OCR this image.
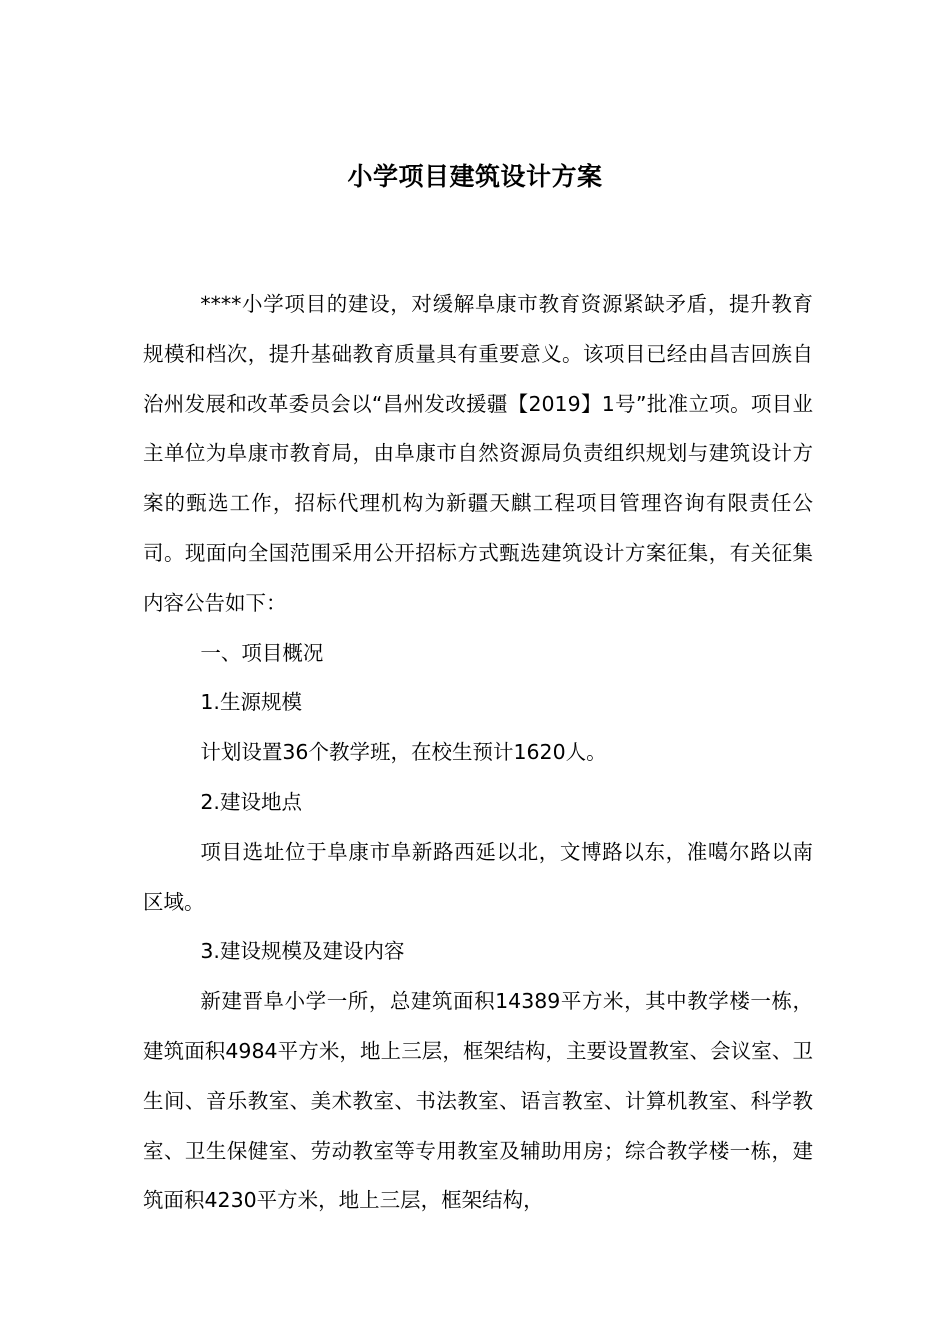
小学项目建筑设计方案

****小学项目的建设，对缓解阜康市教育资源紧缺矛盾，提升教育规模和档次，提升基础教育质量具有重要意义。该项目已经由昌吉回族自治州发展和改革委员会以“昌州发改援疆【2019】1号”批准立项。项目业主单位为阜康市教育局，由阜康市自然资源局负责组织规划与建筑设计方案的甄选工作，招标代理机构为新疆天麒工程项目管理咨询有限责任公司。现面向全国范围采用公开招标方式甄选建筑设计方案征集，有关征集内容公告如下：

一、项目概况

1.生源规模

计划设置36个教学班，在校生预计1620人。

2.建设地点

项目选址位于阜康市阜新路西延以北，文博路以东，准噶尔路以南区域。

3.建设规模及建设内容

新建晋阜小学一所，总建筑面积14389平方米，其中教学楼一栋，建筑面积4984平方米，地上三层，框架结构，主要设置教室、会议室、卫生间、音乐教室、美术教室、书法教室、语言教室、计算机教室、科学教室、卫生保健室、劳动教室等专用教室及辅助用房；综合教学楼一栋，建筑面积4230平方米，地上三层，框架结构，
